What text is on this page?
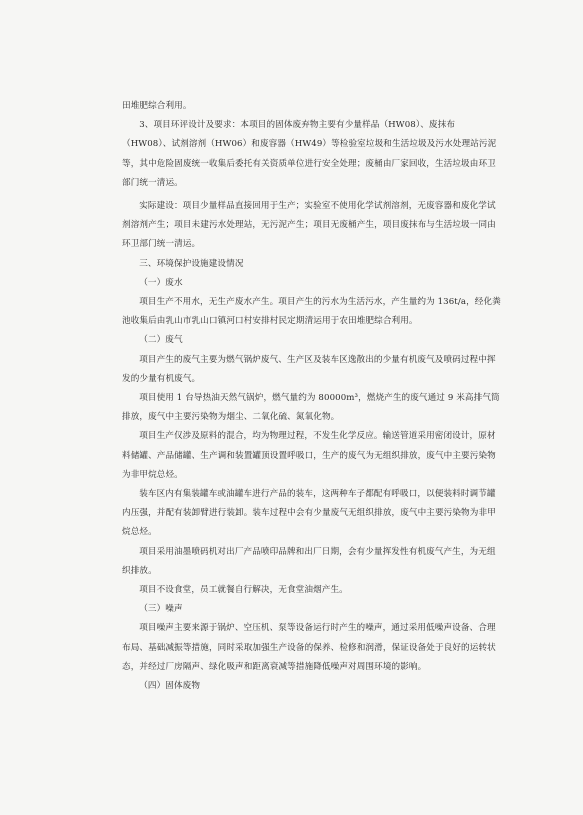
田堆肥综合利用。

3、项目环评设计及要求：本项目的固体废弃物主要有少量样品（HW08）、废抹布（HW08）、试剂溶剂（HW06）和废容器（HW49）等检验室垃圾和生活垃圾及污水处理站污泥等，其中危险固废统一收集后委托有关资质单位进行安全处理；废桶由厂家回收，生活垃圾由环卫部门统一清运。

实际建设：项目少量样品直接回用于生产；实验室不使用化学试剂溶剂，无废容器和废化学试剂溶剂产生；项目未建污水处理站，无污泥产生；项目无废桶产生，项目废抹布与生活垃圾一同由环卫部门统一清运。

三、环境保护设施建设情况

（一）废水

项目生产不用水，无生产废水产生。项目产生的污水为生活污水，产生量约为 136t/a，经化粪池收集后由乳山市乳山口镇河口村安排村民定期清运用于农田堆肥综合利用。

（二）废气

项目产生的废气主要为燃气锅炉废气、生产区及装车区逸散出的少量有机废气及喷码过程中挥发的少量有机废气。

项目使用 1 台导热油天然气锅炉，燃气量约为 80000m³，燃烧产生的废气通过 9 米高排气筒排放，废气中主要污染物为烟尘、二氧化硫、氮氧化物。

项目生产仅涉及原料的混合，均为物理过程，不发生化学反应。输送管道采用密闭设计，原材料储罐、产品储罐、生产调和装置罐顶设置呼吸口，生产的废气为无组织排放，废气中主要污染物为非甲烷总烃。

装车区内有集装罐车或油罐车进行产品的装车，这两种车子都配有呼吸口，以便装料时调节罐内压强，并配有装卸臂进行装卸。装车过程中会有少量废气无组织排放，废气中主要污染物为非甲烷总烃。

项目采用油墨喷码机对出厂产品喷印品牌和出厂日期，会有少量挥发性有机废气产生，为无组织排放。

项目不设食堂，员工就餐自行解决，无食堂油烟产生。

（三）噪声

项目噪声主要来源于锅炉、空压机、泵等设备运行时产生的噪声，通过采用低噪声设备、合理布局、基础减振等措施，同时采取加强生产设备的保养、检修和润滑，保证设备处于良好的运转状态，并经过厂房隔声、绿化吸声和距离衰减等措施降低噪声对周围环境的影响。

（四）固体废物
